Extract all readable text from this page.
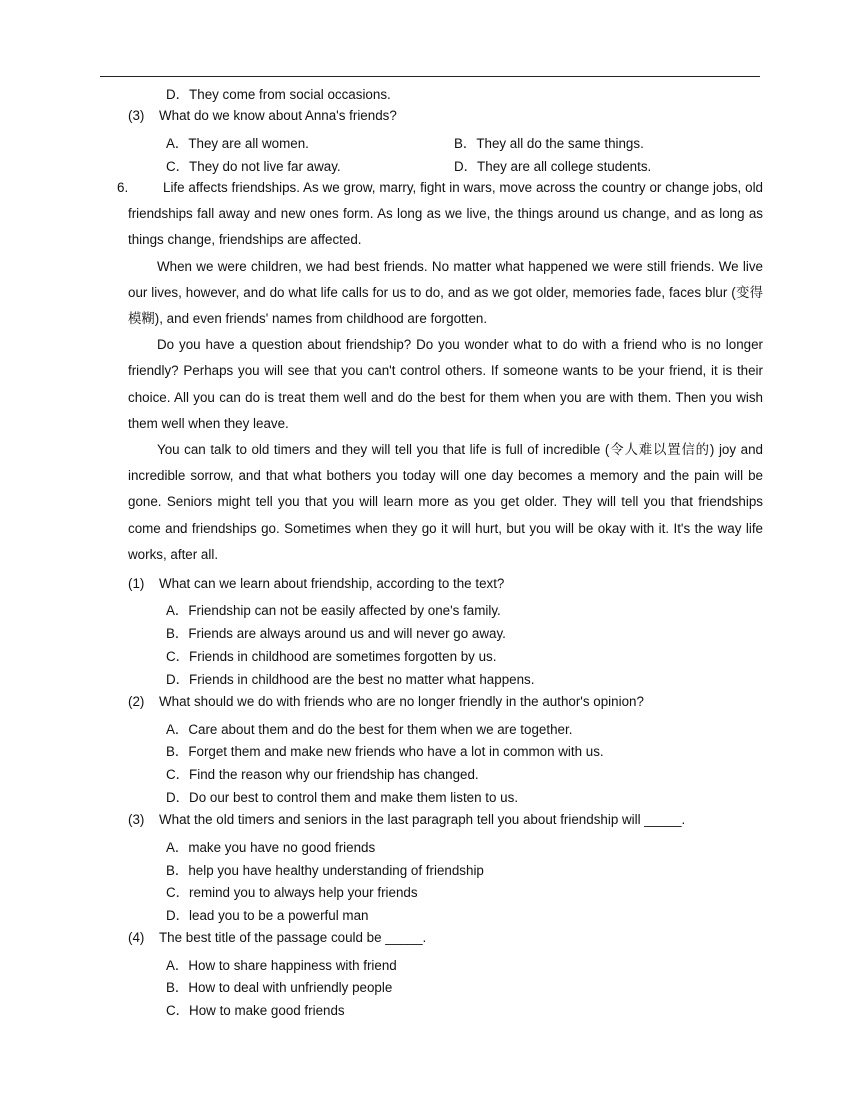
D．They come from social occasions.
(3) What do we know about Anna's friends?
A．They are all women.	B．They all do the same things.
C．They do not live far away.	D．They are all college students.
6.	Life affects friendships. As we grow, marry, fight in wars, move across the country or change jobs, old friendships fall away and new ones form. As long as we live, the things around us change, and as long as things change, friendships are affected.

When we were children, we had best friends. No matter what happened we were still friends. We live our lives, however, and do what life calls for us to do, and as we got older, memories fade, faces blur (变得模糊), and even friends' names from childhood are forgotten.

Do you have a question about friendship? Do you wonder what to do with a friend who is no longer friendly? Perhaps you will see that you can't control others. If someone wants to be your friend, it is their choice. All you can do is treat them well and do the best for them when you are with them. Then you wish them well when they leave.

You can talk to old timers and they will tell you that life is full of incredible (令人难以置信的) joy and incredible sorrow, and that what bothers you today will one day becomes a memory and the pain will be gone. Seniors might tell you that you will learn more as you get older. They will tell you that friendships come and friendships go. Sometimes when they go it will hurt, but you will be okay with it. It's the way life works, after all.

(1) What can we learn about friendship, according to the text?
A．Friendship can not be easily affected by one's family.
B．Friends are always around us and will never go away.
C．Friends in childhood are sometimes forgotten by us.
D．Friends in childhood are the best no matter what happens.
(2) What should we do with friends who are no longer friendly in the author's opinion?
A．Care about them and do the best for them when we are together.
B．Forget them and make new friends who have a lot in common with us.
C．Find the reason why our friendship has changed.
D．Do our best to control them and make them listen to us.
(3) What the old timers and seniors in the last paragraph tell you about friendship will _____.
A．make you have no good friends
B．help you have healthy understanding of friendship
C．remind you to always help your friends
D．lead you to be a powerful man
(4) The best title of the passage could be _____.
A．How to share happiness with friend
B．How to deal with unfriendly people
C．How to make good friends
